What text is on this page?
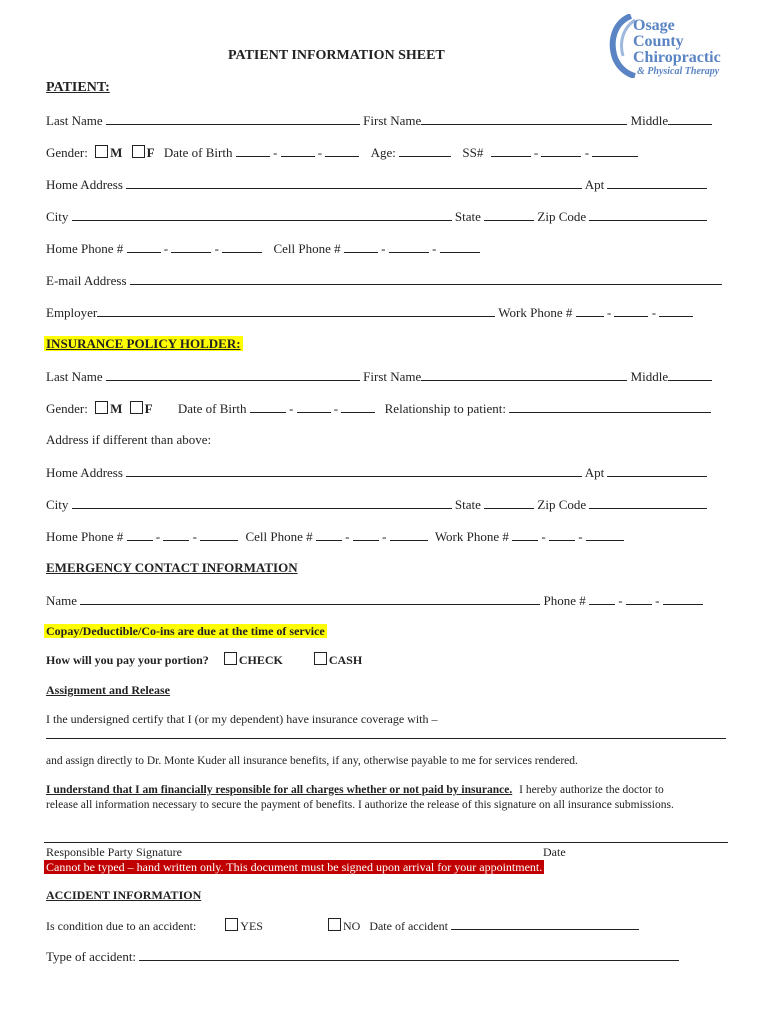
Osage
County
Chiropractic
& Physical Therapy
PATIENT INFORMATION SHEET
PATIENT:
Last Name	First Name	Middle
Gender: M F Date of Birth	-	-	Age:	SS#	-	-
Home Address	Apt
City	State	Zip Code
Home Phone #	-	-	Cell Phone #	-	-
E-mail Address
Employer	Work Phone #  -	-
INSURANCE POLICY HOLDER:
Last Name	First Name	Middle
Gender: M F Date of Birth	-	-	Relationship to patient:
Address if different than above:
Home Address	Apt
City	State	Zip Code
Home Phone #  -  -	Cell Phone #  -  -	Work Phone #  -  -
EMERGENCY CONTACT INFORMATION
Name	Phone #  -  -
Copay/Deductible/Co-ins are due at the time of service
How will you pay your portion?	CHECK	CASH
Assignment and Release
I the undersigned certify that I (or my dependent) have insurance coverage with –
and assign directly to Dr. Monte Kuder all insurance benefits, if any, otherwise payable to me for services rendered.
I understand that I am financially responsible for all charges whether or not paid by insurance. I hereby authorize the doctor to
release all information necessary to secure the payment of benefits. I authorize the release of this signature on all insurance submissions.
Responsible Party Signature	Date
Cannot be typed – hand written only. This document must be signed upon arrival for your appointment.
ACCIDENT INFORMATION
Is condition due to an accident:	YES	NO Date of accident
Type of accident:
